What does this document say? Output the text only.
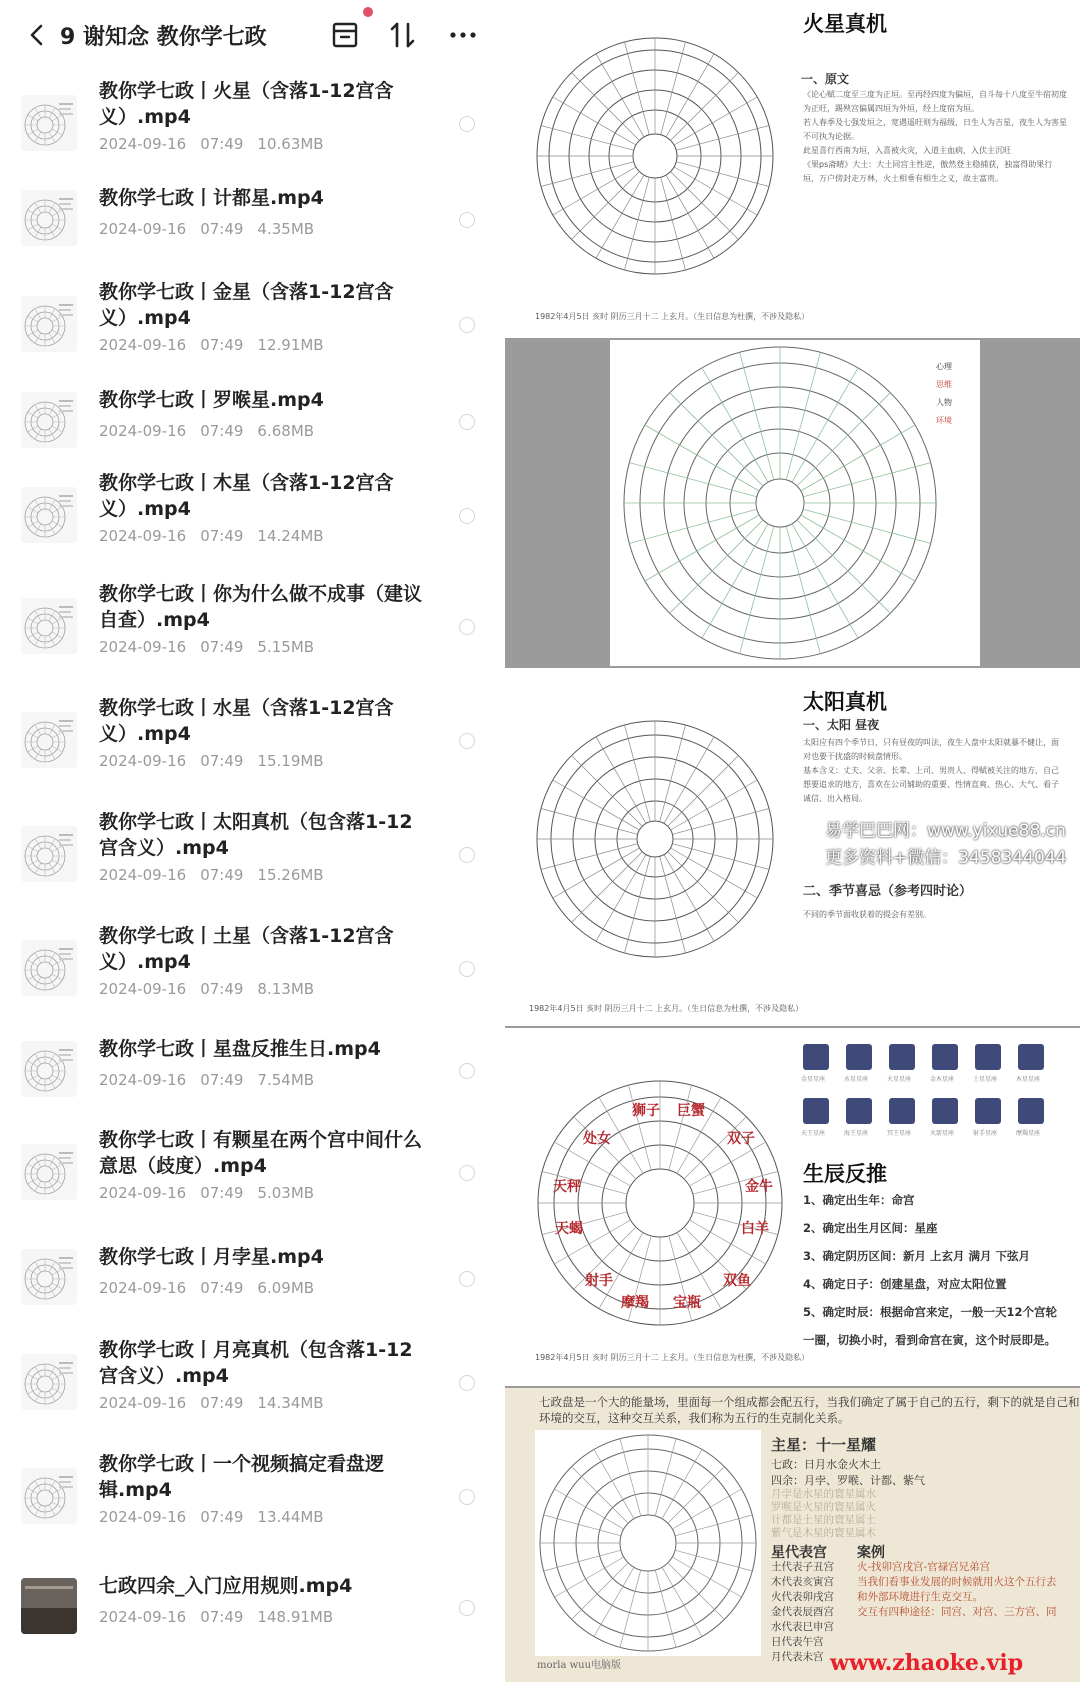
9 谢知念 教你学七政
教你学七政丨火星（含落1-12宫含义）.mp4
2024-09-16 07:49 10.63MB
教你学七政丨计都星.mp4
2024-09-16 07:49 4.35MB
教你学七政丨金星（含落1-12宫含义）.mp4
2024-09-16 07:49 12.91MB
教你学七政丨罗喉星.mp4
2024-09-16 07:49 6.68MB
教你学七政丨木星（含落1-12宫含义）.mp4
2024-09-16 07:49 14.24MB
教你学七政丨你为什么做不成事（建议自查）.mp4
2024-09-16 07:49 5.15MB
教你学七政丨水星（含落1-12宫含义）.mp4
2024-09-16 07:49 15.19MB
教你学七政丨太阳真机（包含落1-12宫含义）.mp4
2024-09-16 07:49 15.26MB
教你学七政丨土星（含落1-12宫含义）.mp4
2024-09-16 07:49 8.13MB
教你学七政丨星盘反推生日.mp4
2024-09-16 07:49 7.54MB
教你学七政丨有颗星在两个宫中间什么意思（歧度）.mp4
2024-09-16 07:49 5.03MB
教你学七政丨月孛星.mp4
2024-09-16 07:49 6.09MB
教你学七政丨月亮真机（包含落1-12宫含义）.mp4
2024-09-16 07:49 14.34MB
教你学七政丨一个视频搞定看盘逻辑.mp4
2024-09-16 07:49 13.44MB
七政四余_入门应用规则.mp4
2024-09-16 07:49 148.91MB
火星真机
一、原文
《论心赋二度至三度为正垣。至再经四度为偏垣，自斗每十八度至牛宿初度
为正旺，踢殃宫偏属四垣为外垣，经上度宿为垣。
若人春季及七强发垣之，宽遇遥旺则为福级，日生人为吉星，夜生人为害星
不可执为论据。
此星喜行西南为垣，入喜被火灾，入道主血病，入伏主沉旺
《果ps斋晴》大土：大土同宫主性逆，傲然登主稳捕获，独富得助果行
垣，万户傍封走万林，火土相垂有相生之义，故主富贵。
1982年4月5日 亥时 阴历三月十二 上玄月。（生日信息为杜撰，不涉及隐私）
心理
思维
人物
环境
太阳真机
一、太阳 昼夜
太阳应有四个季节日，只有昼夜的叫法，夜生人盘中太阳就暴不健让，面
对也要干扰盛的时候盘情形。
基本含义：丈夫、父亲、长辈、上司、男贵人、得赋被关注的地方，自己
想要追求的地方，喜欢在公司辅助的重要、性情直爽、热心、大气、看子
诚信、出入格局。
易学巴巴网：www.yixue88.cn
更多资料+微信：3458344044
二、季节喜忌（参考四时论）
不同的季节面收获着的提会有差别。
1982年4月5日 亥时 阴历三月十二 上玄月。（生日信息为杜撰，不涉及隐私）
狮子 巨蟹
处女	双子
天秤	金牛
天蝎	白羊
射手	双鱼
摩羯 宝瓶
金星星座	水星星座	火星星座	金木星座	土星星座	木星星座
天王星座	海王星座	冥王星座	火箭星座	射手星座	摩羯星座
生辰反推
1、确定出生年：命宫
2、确定出生月区间：星座
3、确定阴历区间：新月 上玄月 满月 下弦月
4、确定日子：创建星盘，对应太阳位置
5、确定时辰：根据命宫来定，一般一天12个宫轮
一圈，切换小时，看到命宫在寅，这个时辰即是。
1982年4月5日 亥时 阴历三月十二 上玄月。（生日信息为杜撰，不涉及隐私）
七政盘是一个大的能量场，里面每一个组成都会配五行，当我们确定了属于自己的五行，剩下的就是自己和
环境的交互，这种交互关系，我们称为五行的生克制化关系。
主星：十一星耀
七政：日月水金火木土
四余：月孛、罗喉、计都、紫气
月孛是水星的寰星属水
罗喉是火星的寰星属火
计都是土星的寰星属土
紫气是木星的寰星属木
星代表宫 案例
土代表子丑宫
木代表亥寅宫
火代表卯戌宫
金代表辰酉宫
水代表巳申宫
日代表午宫
月代表未宫
火-找卯宫戌宫-官禄宫兄弟宫
当我们看事业发展的时候就用火这个五行去
和外部环境进行生克交互。
交互有四种途径：同宫、对宫、三方宫、同
morla wuu电脑版	www.zhaoke.vip
